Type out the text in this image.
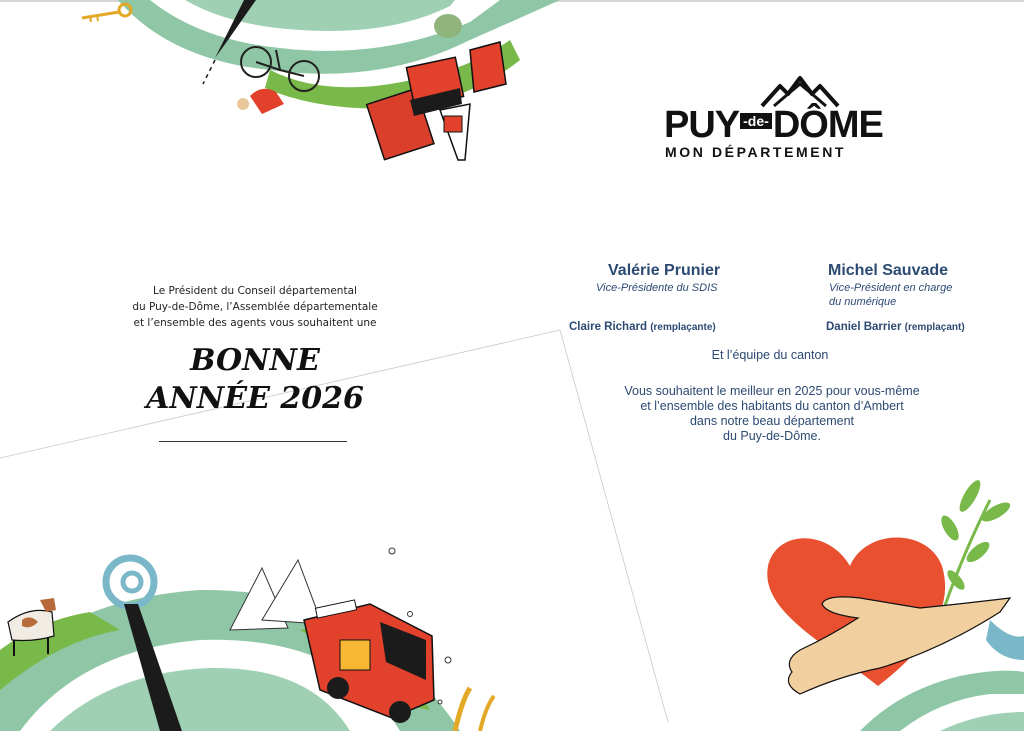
PUY -de- DÔME
MON DÉPARTEMENT
Le Président du Conseil départemental
du Puy-de-Dôme, l’Assemblée départementale
et l’ensemble des agents vous souhaitent une
BONNE
ANNÉE 2026
Valérie Prunier
Vice-Présidente du SDIS
Claire Richard (remplaçante)
Michel Sauvade
Vice-Président en charge
du numérique
Daniel Barrier (remplaçant)
Et l’équipe du canton
Vous souhaitent le meilleur en 2025 pour vous-même
et l’ensemble des habitants du canton d’Ambert
dans notre beau département
du Puy-de-Dôme.
